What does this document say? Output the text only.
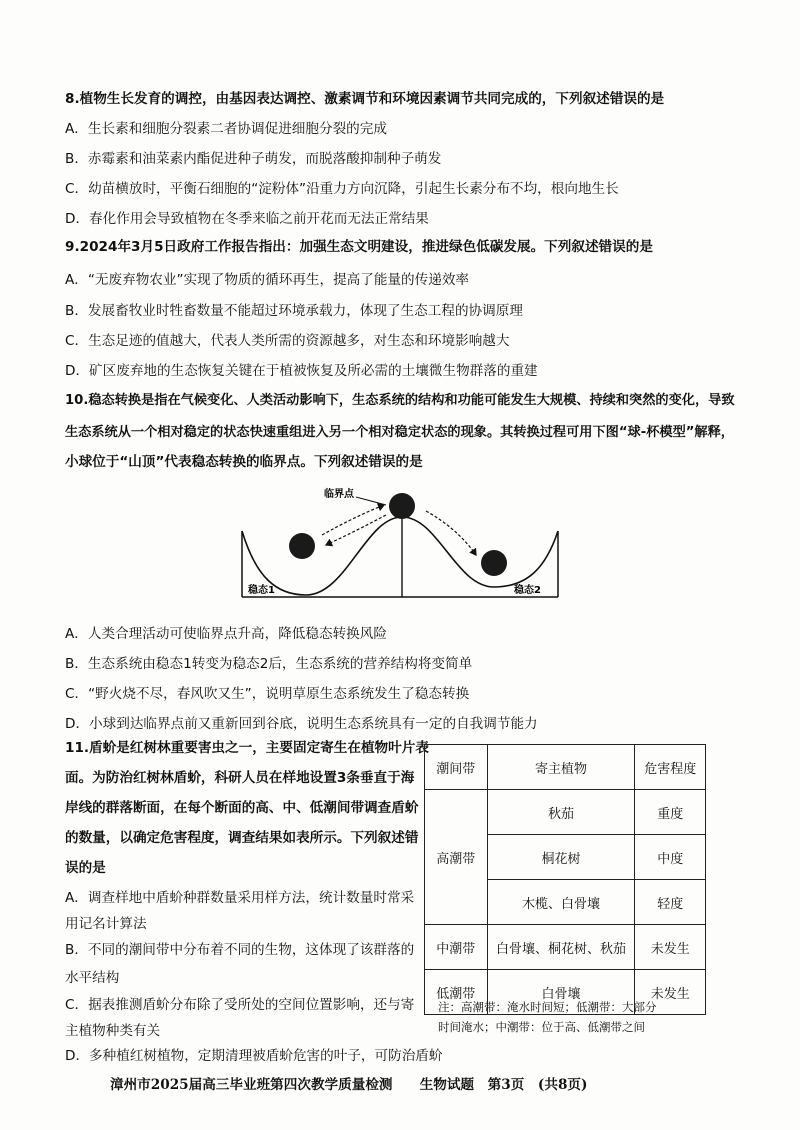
8.植物生长发育的调控，由基因表达调控、激素调节和环境因素调节共同完成的，下列叙述错误的是
A．生长素和细胞分裂素二者协调促进细胞分裂的完成
B．赤霉素和油菜素内酯促进种子萌发，而脱落酸抑制种子萌发
C．幼苗横放时，平衡石细胞的“淀粉体”沿重力方向沉降，引起生长素分布不均，根向地生长
D．春化作用会导致植物在冬季来临之前开花而无法正常结果
9.2024年3月5日政府工作报告指出：加强生态文明建设，推进绿色低碳发展。下列叙述错误的是
A．“无废弃物农业”实现了物质的循环再生，提高了能量的传递效率
B．发展畜牧业时牲畜数量不能超过环境承载力，体现了生态工程的协调原理
C．生态足迹的值越大，代表人类所需的资源越多，对生态和环境影响越大
D．矿区废弃地的生态恢复关键在于植被恢复及所必需的土壤微生物群落的重建
10.稳态转换是指在气候变化、人类活动影响下，生态系统的结构和功能可能发生大规模、持续和突然的变化，导致
生态系统从一个相对稳定的状态快速重组进入另一个相对稳定状态的现象。其转换过程可用下图“球-杯模型”解释，
小球位于“山顶”代表稳态转换的临界点。下列叙述错误的是
临界点
稳态1	稳态2
A．人类合理活动可使临界点升高，降低稳态转换风险
B．生态系统由稳态1转变为稳态2后，生态系统的营养结构将变简单
C．“野火烧不尽，春风吹又生”，说明草原生态系统发生了稳态转换
D．小球到达临界点前又重新回到谷底，说明生态系统具有一定的自我调节能力
11.盾蚧是红树林重要害虫之一，主要固定寄生在植物叶片表
面。为防治红树林盾蚧，科研人员在样地设置3条垂直于海
岸线的群落断面，在每个断面的高、中、低潮间带调查盾蚧
的数量，以确定危害程度，调查结果如表所示。下列叙述错
误的是
A．调查样地中盾蚧种群数量采用样方法，统计数量时常采
用记名计算法
B．不同的潮间带中分布着不同的生物，这体现了该群落的
水平结构
C．据表推测盾蚧分布除了受所处的空间位置影响，还与寄
主植物种类有关
D．多种植红树植物，定期清理被盾蚧危害的叶子，可防治盾蚧
潮间带	寄主植物	危害程度
高潮带	秋茄	重度
	桐花树	中度
	木榄、白骨壤	轻度
中潮带	白骨壤、桐花树、秋茄	未发生
低潮带	白骨壤	未发生
注：高潮带：淹水时间短；低潮带：大部分
时间淹水；中潮带：位于高、低潮带之间
漳州市2025届高三毕业班第四次教学质量检测　　生物试题　第3页　(共8页)
